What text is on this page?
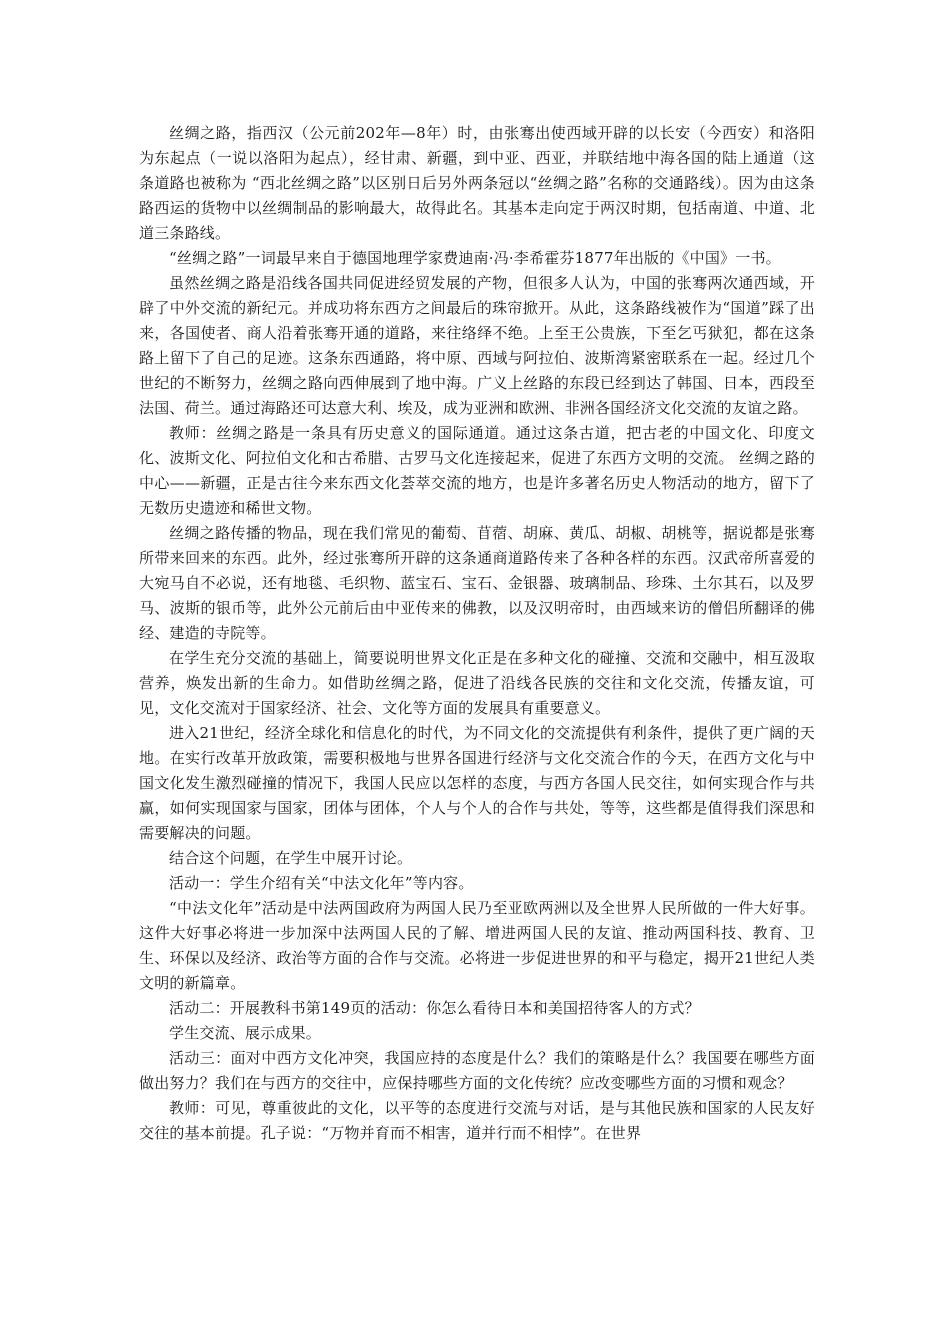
丝绸之路，指西汉（公元前202年—8年）时，由张骞出使西域开辟的以长安（今西安）和洛阳为东起点（一说以洛阳为起点），经甘肃、新疆，到中亚、西亚，并联结地中海各国的陆上通道（这条道路也被称为 “西北丝绸之路”以区别日后另外两条冠以“丝绸之路”名称的交通路线）。因为由这条路西运的货物中以丝绸制品的影响最大，故得此名。其基本走向定于两汉时期，包括南道、中道、北道三条路线。

“丝绸之路”一词最早来自于德国地理学家费迪南·冯·李希霍芬1877年出版的《中国》一书。

虽然丝绸之路是沿线各国共同促进经贸发展的产物，但很多人认为，中国的张骞两次通西域，开辟了中外交流的新纪元。并成功将东西方之间最后的珠帘掀开。从此，这条路线被作为“国道”踩了出来，各国使者、商人沿着张骞开通的道路，来往络绎不绝。上至王公贵族，下至乞丐狱犯，都在这条路上留下了自己的足迹。这条东西通路，将中原、西域与阿拉伯、波斯湾紧密联系在一起。经过几个世纪的不断努力，丝绸之路向西伸展到了地中海。广义上丝路的东段已经到达了韩国、日本，西段至法国、荷兰。通过海路还可达意大利、埃及，成为亚洲和欧洲、非洲各国经济文化交流的友谊之路。

教师：丝绸之路是一条具有历史意义的国际通道。通过这条古道，把古老的中国文化、印度文化、波斯文化、阿拉伯文化和古希腊、古罗马文化连接起来，促进了东西方文明的交流。 丝绸之路的中心——新疆，正是古往今来东西文化荟萃交流的地方，也是许多著名历史人物活动的地方，留下了无数历史遗迹和稀世文物。

丝绸之路传播的物品，现在我们常见的葡萄、苜蓿、胡麻、黄瓜、胡椒、胡桃等，据说都是张骞所带来回来的东西。此外，经过张骞所开辟的这条通商道路传来了各种各样的东西。汉武帝所喜爱的大宛马自不必说，还有地毯、毛织物、蓝宝石、宝石、金银器、玻璃制品、珍珠、土尔其石，以及罗马、波斯的银币等，此外公元前后由中亚传来的佛教，以及汉明帝时，由西域来访的僧侣所翻译的佛经、建造的寺院等。

在学生充分交流的基础上，简要说明世界文化正是在多种文化的碰撞、交流和交融中，相互汲取营养，焕发出新的生命力。如借助丝绸之路，促进了沿线各民族的交往和文化交流，传播友谊，可见，文化交流对于国家经济、社会、文化等方面的发展具有重要意义。

进入21世纪，经济全球化和信息化的时代，为不同文化的交流提供有利条件，提供了更广阔的天地。在实行改革开放政策，需要积极地与世界各国进行经济与文化交流合作的今天，在西方文化与中国文化发生激烈碰撞的情况下，我国人民应以怎样的态度，与西方各国人民交往，如何实现合作与共赢，如何实现国家与国家，团体与团体，个人与个人的合作与共处，等等，这些都是值得我们深思和需要解决的问题。

结合这个问题，在学生中展开讨论。

活动一：学生介绍有关“中法文化年”等内容。

“中法文化年”活动是中法两国政府为两国人民乃至亚欧两洲以及全世界人民所做的一件大好事。这件大好事必将进一步加深中法两国人民的了解、增进两国人民的友谊、推动两国科技、教育、卫生、环保以及经济、政治等方面的合作与交流。必将进一步促进世界的和平与稳定，揭开21世纪人类文明的新篇章。

活动二：开展教科书第149页的活动：你怎么看待日本和美国招待客人的方式？

学生交流、展示成果。

活动三：面对中西方文化冲突，我国应持的态度是什么？我们的策略是什么？我国要在哪些方面做出努力？我们在与西方的交往中，应保持哪些方面的文化传统？应改变哪些方面的习惯和观念？

教师：可见，尊重彼此的文化，以平等的态度进行交流与对话，是与其他民族和国家的人民友好交往的基本前提。孔子说：“万物并育而不相害，道并行而不相悖”。在世界
